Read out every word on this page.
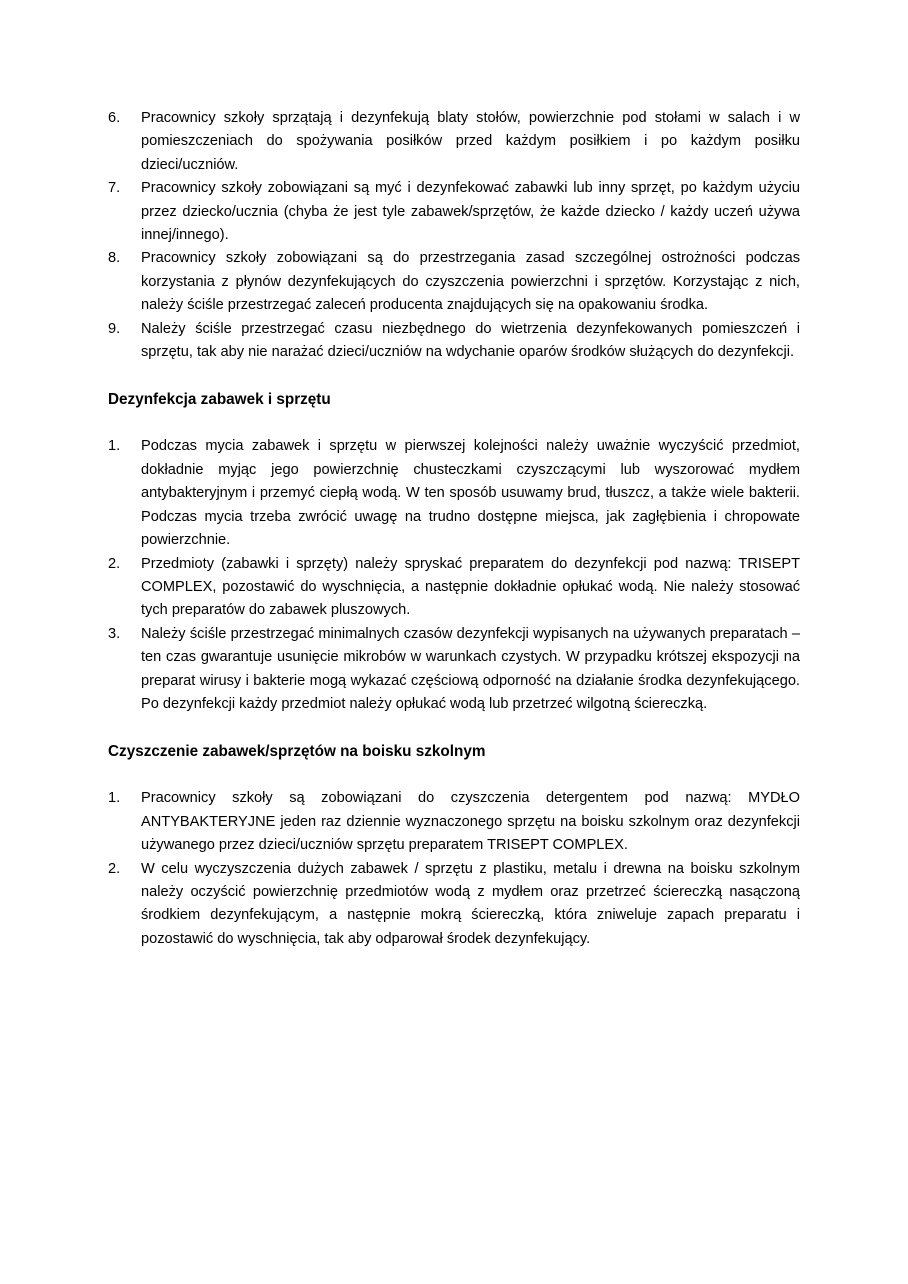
6.	Pracownicy szkoły sprzątają i dezynfekują blaty stołów, powierzchnie pod stołami w salach i w pomieszczeniach do spożywania posiłków przed każdym posiłkiem i po każdym posiłku dzieci/uczniów.
7.	Pracownicy szkoły zobowiązani są myć i dezynfekować zabawki lub inny sprzęt, po każdym użyciu przez dziecko/ucznia (chyba że jest tyle zabawek/sprzętów, że każde dziecko / każdy uczeń używa innej/innego).
8.	Pracownicy szkoły zobowiązani są do przestrzegania zasad szczególnej ostrożności podczas korzystania z płynów dezynfekujących do czyszczenia powierzchni i sprzętów. Korzystając z nich, należy ściśle przestrzegać zaleceń producenta znajdujących się na opakowaniu środka.
9.	Należy ściśle przestrzegać czasu niezbędnego do wietrzenia dezynfekowanych pomieszczeń i sprzętu, tak aby nie narażać dzieci/uczniów na wdychanie oparów środków służących do dezynfekcji.
Dezynfekcja zabawek i sprzętu
1.	Podczas mycia zabawek i sprzętu w pierwszej kolejności należy uważnie wyczyścić przedmiot, dokładnie myjąc jego powierzchnię chusteczkami czyszczącymi lub wyszorować mydłem antybakteryjnym i przemyć ciepłą wodą. W ten sposób usuwamy brud, tłuszcz, a także wiele bakterii. Podczas mycia trzeba zwrócić uwagę na trudno dostępne miejsca, jak zagłębienia i chropowate powierzchnie.
2.	Przedmioty (zabawki i sprzęty) należy spryskać preparatem do dezynfekcji pod nazwą: TRISEPT COMPLEX, pozostawić do wyschnięcia, a następnie dokładnie opłukać wodą. Nie należy stosować tych preparatów do zabawek pluszowych.
3.	Należy ściśle przestrzegać minimalnych czasów dezynfekcji wypisanych na używanych preparatach – ten czas gwarantuje usunięcie mikrobów w warunkach czystych. W przypadku krótszej ekspozycji na preparat wirusy i bakterie mogą wykazać częściową odporność na działanie środka dezynfekującego. Po dezynfekcji każdy przedmiot należy opłukać wodą lub przetrzeć wilgotną ściereczką.
Czyszczenie zabawek/sprzętów na boisku szkolnym
1.	Pracownicy szkoły są zobowiązani do czyszczenia detergentem pod nazwą: MYDŁO ANTYBAKTERYJNE jeden raz dziennie wyznaczonego sprzętu na boisku szkolnym oraz dezynfekcji używanego przez dzieci/uczniów sprzętu preparatem TRISEPT COMPLEX.
2.	W celu wyczyszczenia dużych zabawek / sprzętu z plastiku, metalu i drewna na boisku szkolnym należy oczyścić powierzchnię przedmiotów wodą z mydłem oraz przetrzeć ściereczką nasączoną środkiem dezynfekującym, a następnie mokrą ściereczką, która zniweluje zapach preparatu i pozostawić do wyschnięcia, tak aby odparował środek dezynfekujący.
